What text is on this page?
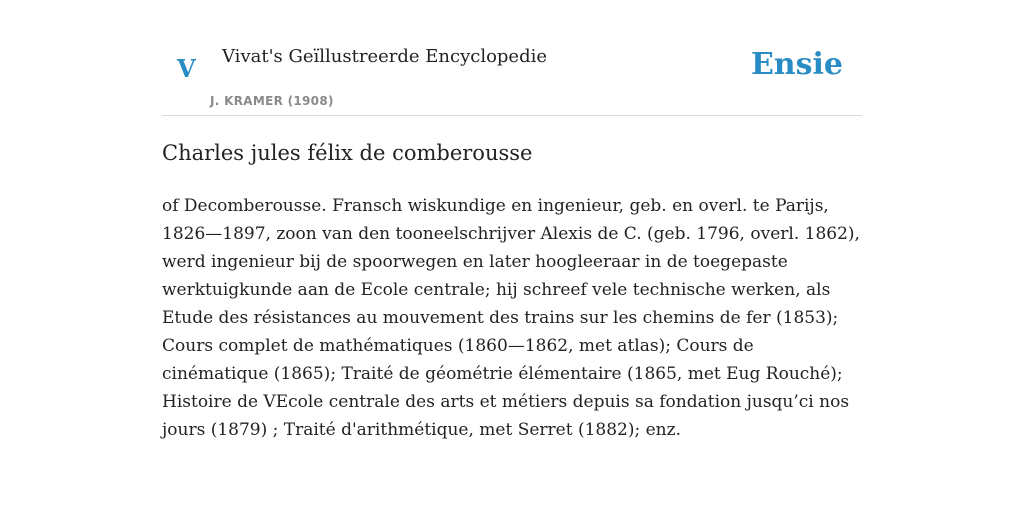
V Vivat's Geïllustreerde Encyclopedie
J. KRAMER (1908)
Ensie
Charles jules félix de comberousse

of Decomberousse. Fransch wiskundige en ingenieur, geb. en overl. te Parijs, 1826—1897, zoon van den tooneelschrijver Alexis de C. (geb. 1796, overl. 1862), werd ingenieur bij de spoorwegen en later hoogleeraar in de toegepaste werktuigkunde aan de Ecole centrale; hij schreef vele technische werken, als Etude des résistances au mouvement des trains sur les chemins de fer (1853); Cours complet de mathématiques (1860—1862, met atlas); Cours de cinématique (1865); Traité de géométrie élémentaire (1865, met Eug Rouché); Histoire de VEcole centrale des arts et métiers depuis sa fondation jusqu’ci nos jours (1879) ; Traité d'arithmétique, met Serret (1882); enz.
